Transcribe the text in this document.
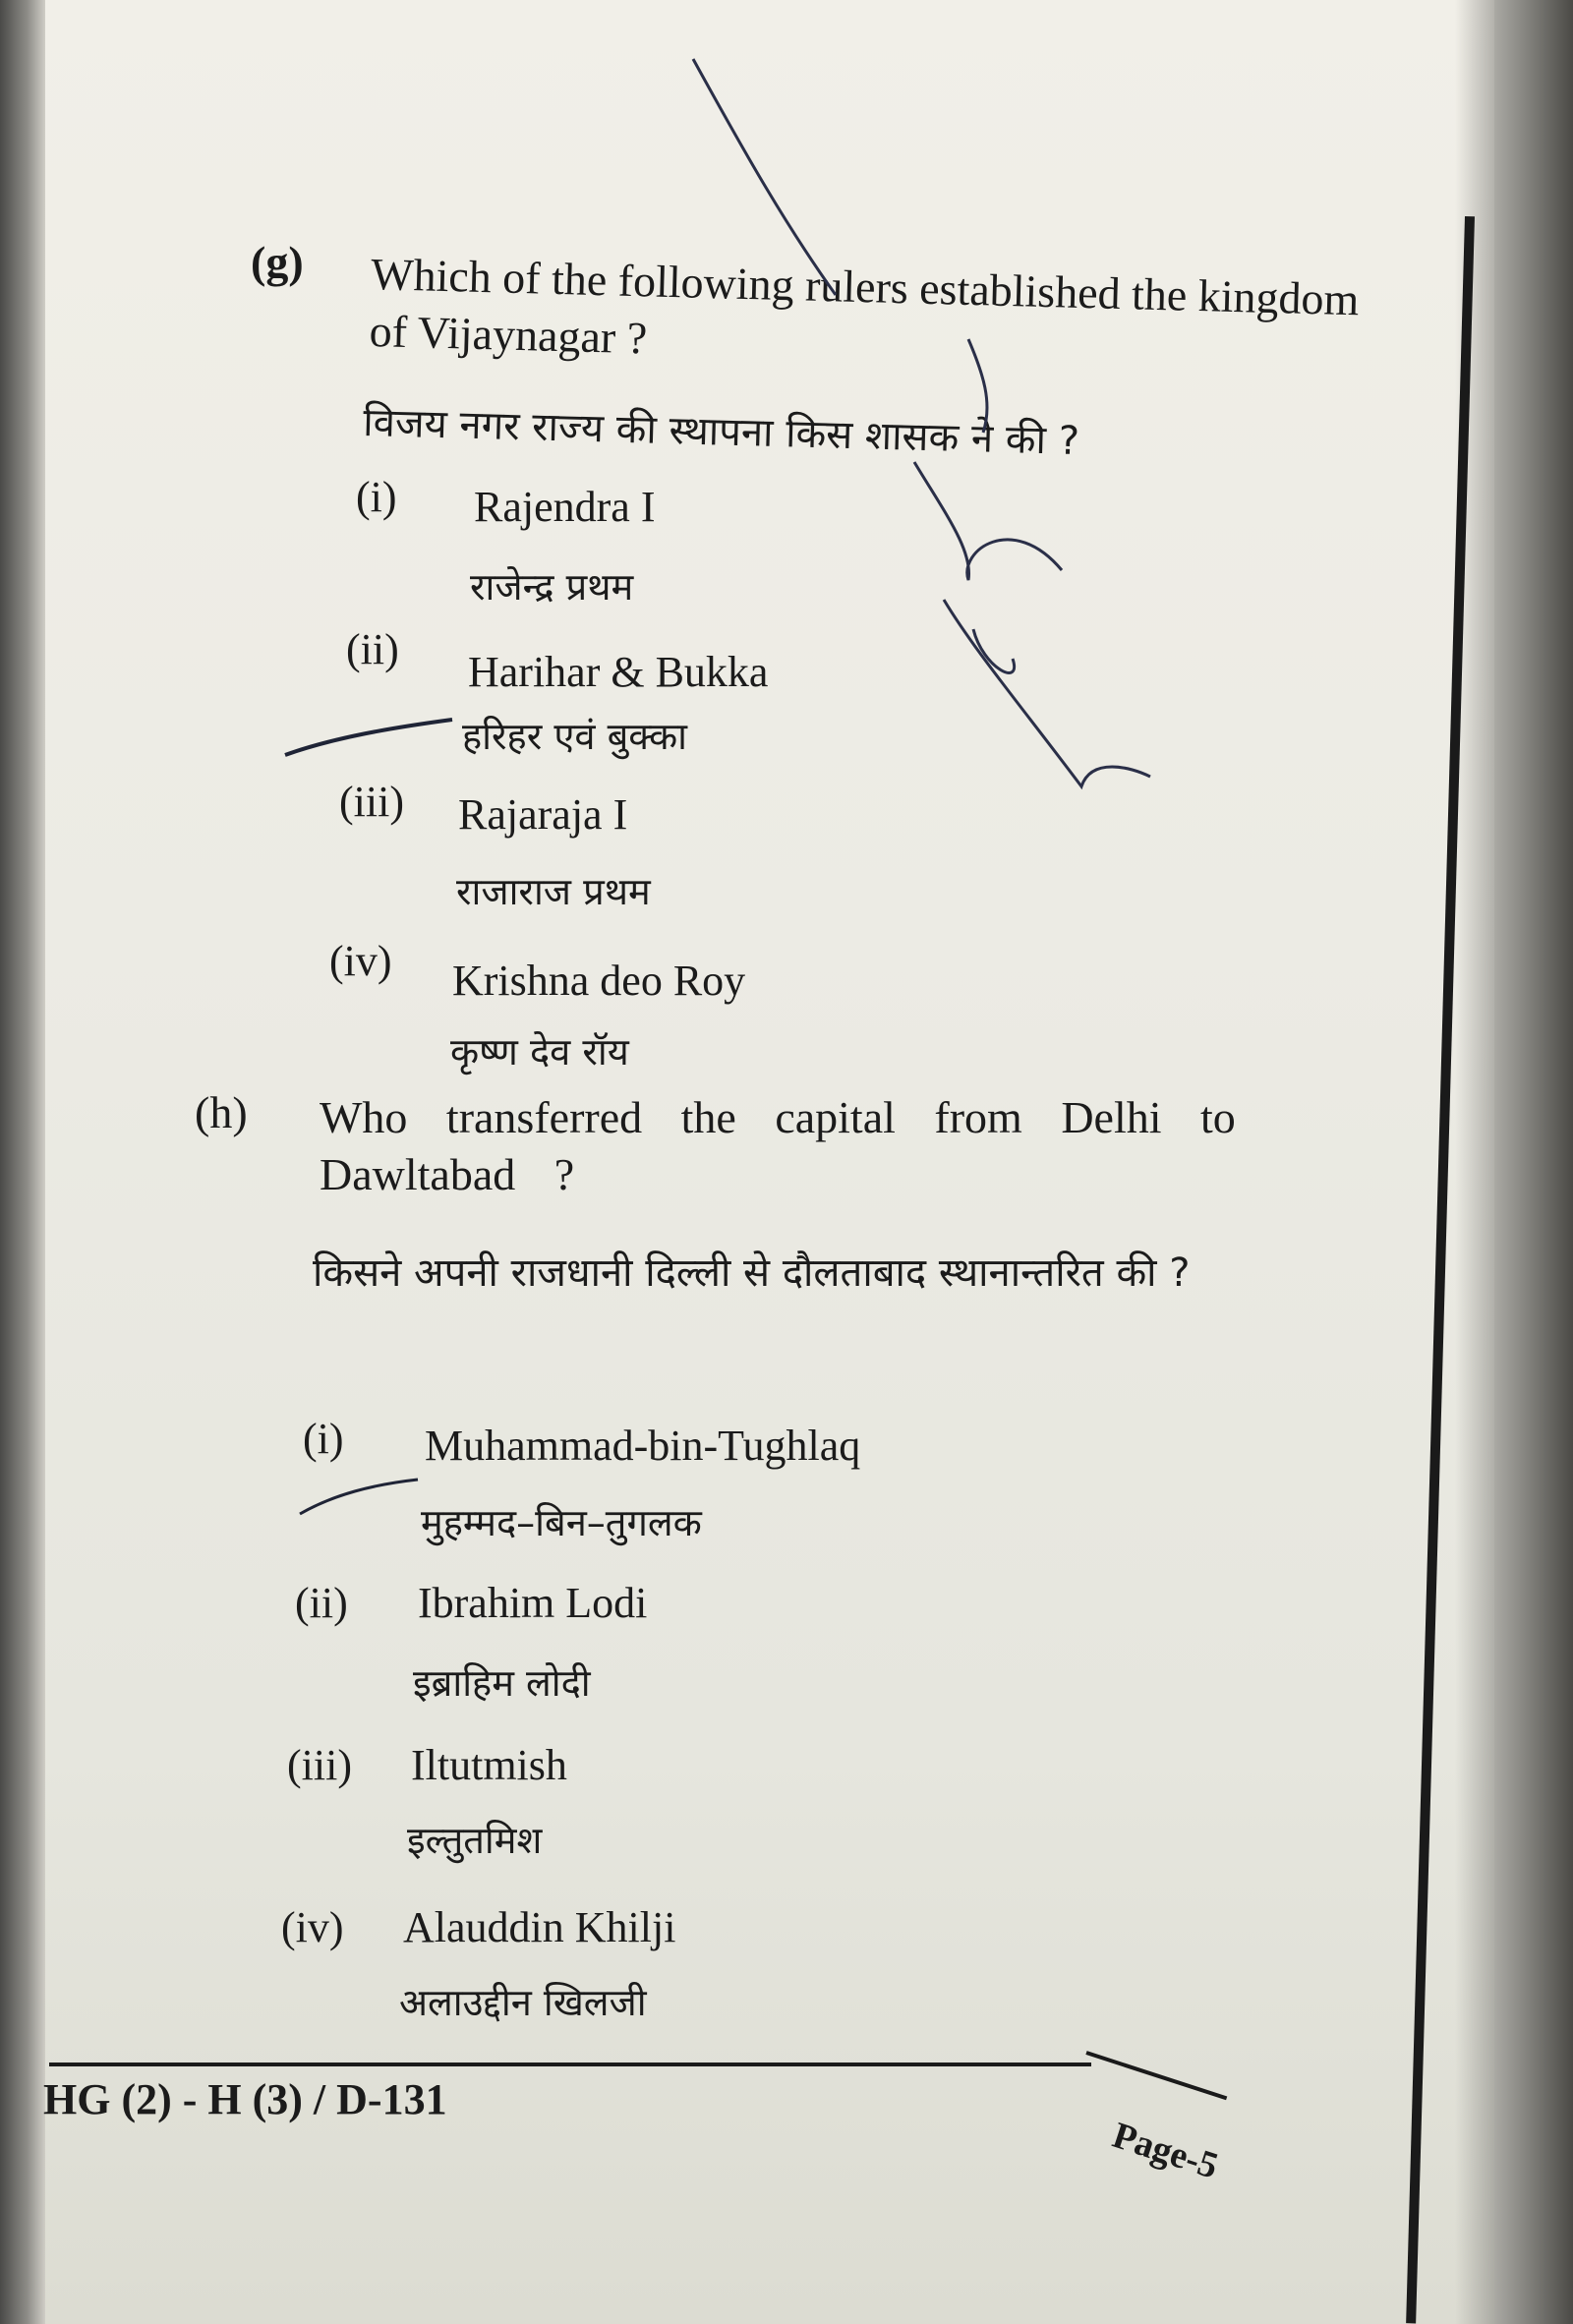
(g) Which of the following rulers established the kingdom of Vijaynagar ?
विजय नगर राज्य की स्थापना किस शासक ने की ?
(i) Rajendra I
राजेन्द्र प्रथम
(ii) Harihar & Bukka
हरिहर एवं बुक्का
(iii) Rajaraja I
राजाराज प्रथम
(iv) Krishna deo Roy
कृष्ण देव रॉय
(h) Who transferred the capital from Delhi to Dawltabad ?
किसने अपनी राजधानी दिल्ली से दौलताबाद स्थानान्तरित की ?
(i) Muhammad-bin-Tughlaq
मुहम्मद–बिन–तुगलक
(ii) Ibrahim Lodi
इब्राहिम लोदी
(iii) Iltutmish
इल्तुतमिश
(iv) Alauddin Khilji
अलाउद्दीन खिलजी
HG (2) - H (3) / D-131
Page-5
